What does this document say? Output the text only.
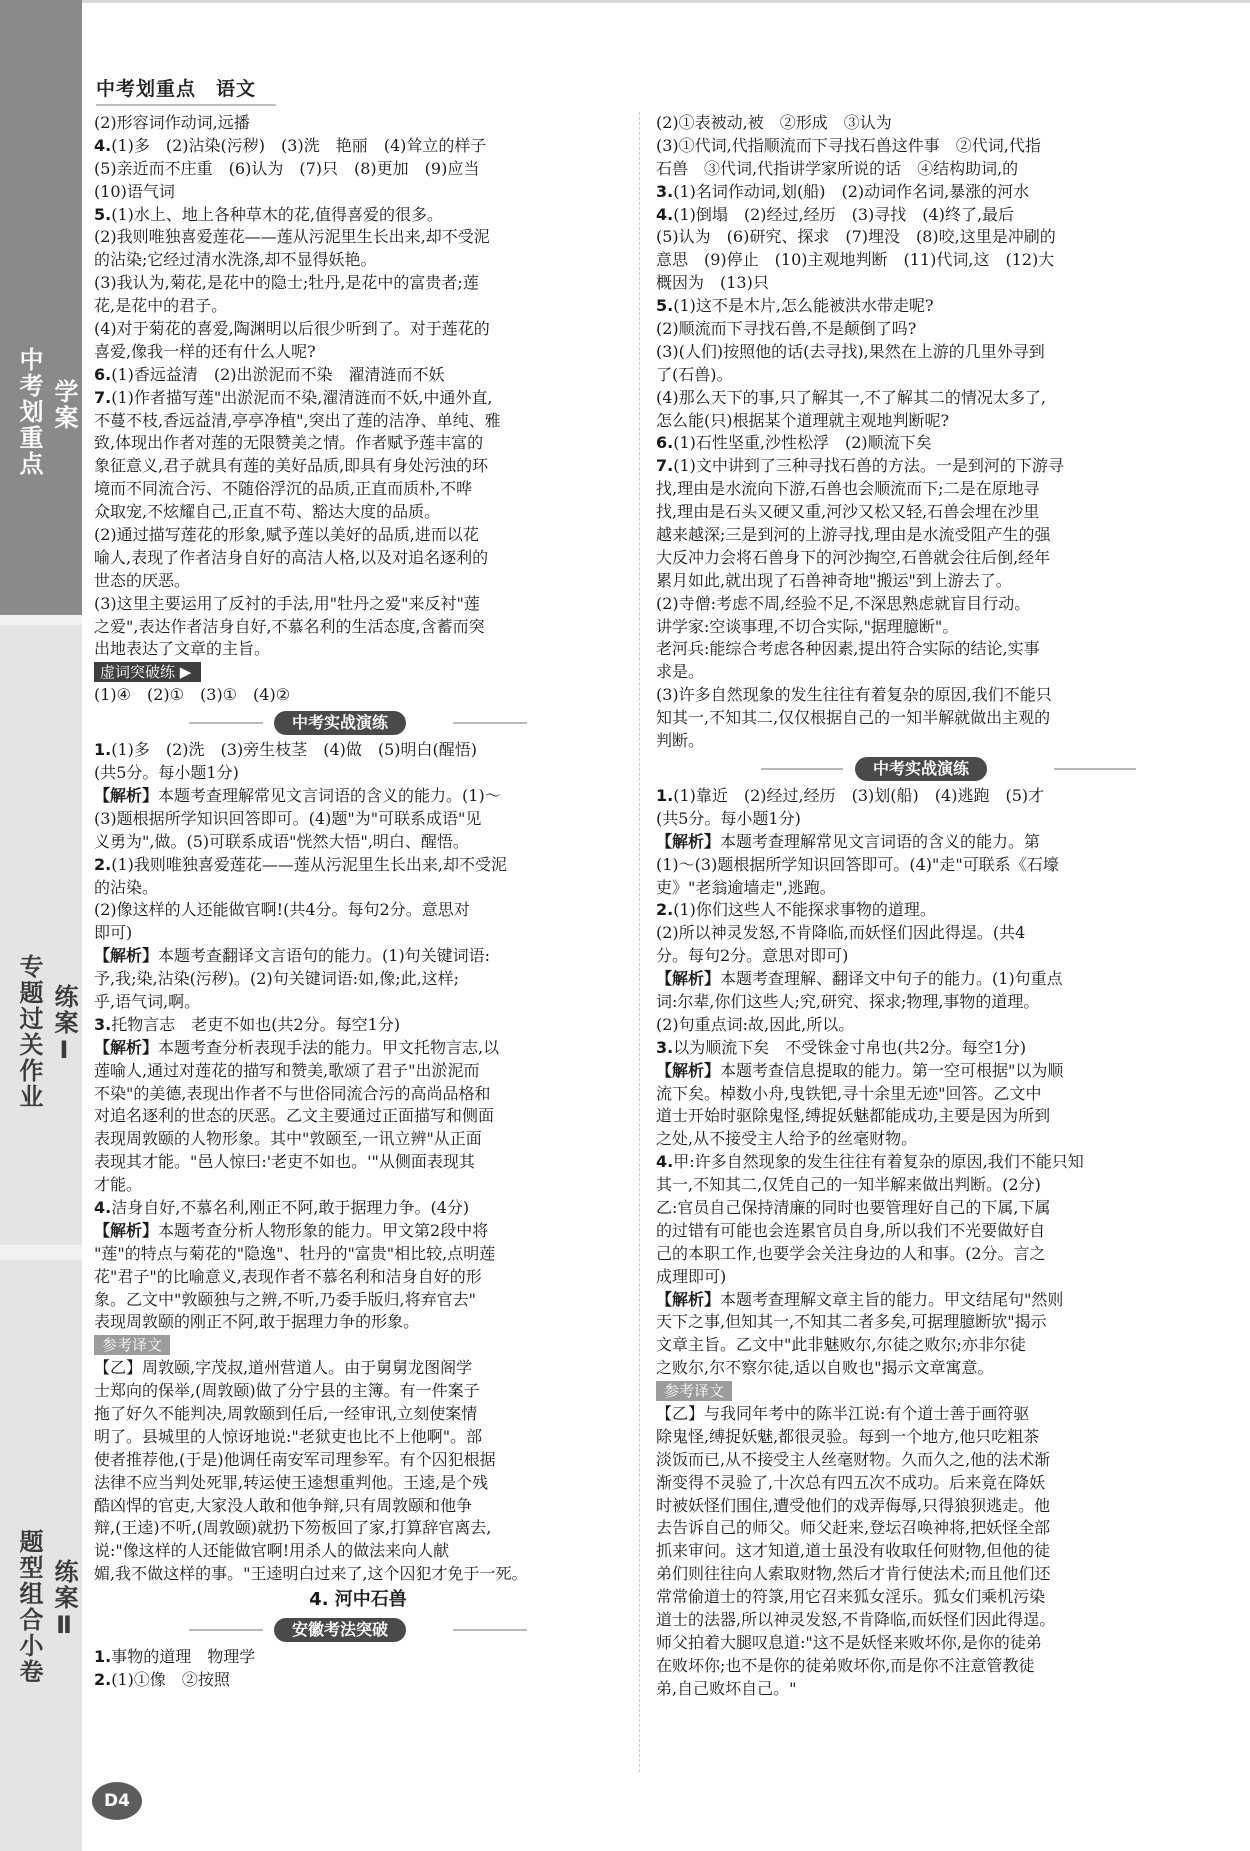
学案
中考划重点
练案Ⅰ
专题过关作业
练案Ⅱ
题型组合小卷
中考划重点　语文
(2)形容词作动词,远播
4.(1)多　(2)沾染(污秽)　(3)洗　艳丽　(4)耸立的样子
(5)亲近而不庄重　(6)认为　(7)只　(8)更加　(9)应当
(10)语气词
5.(1)水上、地上各种草木的花,值得喜爱的很多。
(2)我则唯独喜爱莲花——莲从污泥里生长出来,却不受泥
的沾染;它经过清水洗涤,却不显得妖艳。
(3)我认为,菊花,是花中的隐士;牡丹,是花中的富贵者;莲
花,是花中的君子。
(4)对于菊花的喜爱,陶渊明以后很少听到了。对于莲花的
喜爱,像我一样的还有什么人呢?
6.(1)香远益清　(2)出淤泥而不染　濯清涟而不妖
7.(1)作者描写莲"出淤泥而不染,濯清涟而不妖,中通外直,
不蔓不枝,香远益清,亭亭净植",突出了莲的洁净、单纯、雅
致,体现出作者对莲的无限赞美之情。作者赋予莲丰富的
象征意义,君子就具有莲的美好品质,即具有身处污浊的环
境而不同流合污、不随俗浮沉的品质,正直而质朴,不哗
众取宠,不炫耀自己,正直不苟、豁达大度的品质。
(2)通过描写莲花的形象,赋予莲以美好的品质,进而以花
喻人,表现了作者洁身自好的高洁人格,以及对追名逐利的
世态的厌恶。
(3)这里主要运用了反衬的手法,用"牡丹之爱"来反衬"莲
之爱",表达作者洁身自好,不慕名利的生活态度,含蓄而突
出地表达了文章的主旨。
虚词突破练 ▶
(1)④　(2)①　(3)①　(4)②
中考实战演练
1.(1)多　(2)洗　(3)旁生枝茎　(4)做　(5)明白(醒悟)
(共5分。每小题1分)
【解析】本题考查理解常见文言词语的含义的能力。(1)～
(3)题根据所学知识回答即可。(4)题"为"可联系成语"见
义勇为",做。(5)可联系成语"恍然大悟",明白、醒悟。
2.(1)我则唯独喜爱莲花——莲从污泥里生长出来,却不受泥
的沾染。
(2)像这样的人还能做官啊!(共4分。每句2分。意思对
即可)
【解析】本题考查翻译文言语句的能力。(1)句关键词语:
予,我;染,沾染(污秽)。(2)句关键词语:如,像;此,这样;
乎,语气词,啊。
3.托物言志　老吏不如也(共2分。每空1分)
【解析】本题考查分析表现手法的能力。甲文托物言志,以
莲喻人,通过对莲花的描写和赞美,歌颂了君子"出淤泥而
不染"的美德,表现出作者不与世俗同流合污的高尚品格和
对追名逐利的世态的厌恶。乙文主要通过正面描写和侧面
表现周敦颐的人物形象。其中"敦颐至,一讯立辨"从正面
表现其才能。"邑人惊曰:'老吏不如也。'"从侧面表现其
才能。
4.洁身自好,不慕名利,刚正不阿,敢于据理力争。(4分)
【解析】本题考查分析人物形象的能力。甲文第2段中将
"莲"的特点与菊花的"隐逸"、牡丹的"富贵"相比较,点明莲
花"君子"的比喻意义,表现作者不慕名利和洁身自好的形
象。乙文中"敦颐独与之辨,不听,乃委手版归,将弃官去"
表现周敦颐的刚正不阿,敢于据理力争的形象。
参考译文
【乙】周敦颐,字茂叔,道州营道人。由于舅舅龙图阁学
士郑向的保举,(周敦颐)做了分宁县的主簿。有一件案子
拖了好久不能判决,周敦颐到任后,一经审讯,立刻使案情
明了。县城里的人惊讶地说:"老狱吏也比不上他啊"。部
使者推荐他,(于是)他调任南安军司理参军。有个囚犯根据
法律不应当判处死罪,转运使王逵想重判他。王逵,是个残
酷凶悍的官吏,大家没人敢和他争辩,只有周敦颐和他争
辩,(王逵)不听,(周敦颐)就扔下笏板回了家,打算辞官离去,
说:"像这样的人还能做官啊!用杀人的做法来向人献
媚,我不做这样的事。"王逵明白过来了,这个囚犯才免于一死。
4. 河中石兽
安徽考法突破
1.事物的道理　物理学
2.(1)①像　②按照
(2)①表被动,被　②形成　③认为
(3)①代词,代指顺流而下寻找石兽这件事　②代词,代指
石兽　③代词,代指讲学家所说的话　④结构助词,的
3.(1)名词作动词,划(船)　(2)动词作名词,暴涨的河水
4.(1)倒塌　(2)经过,经历　(3)寻找　(4)终了,最后
(5)认为　(6)研究、探求　(7)埋没　(8)咬,这里是冲刷的
意思　(9)停止　(10)主观地判断　(11)代词,这　(12)大
概因为　(13)只
5.(1)这不是木片,怎么能被洪水带走呢?
(2)顺流而下寻找石兽,不是颠倒了吗?
(3)(人们)按照他的话(去寻找),果然在上游的几里外寻到
了(石兽)。
(4)那么天下的事,只了解其一,不了解其二的情况太多了,
怎么能(只)根据某个道理就主观地判断呢?
6.(1)石性坚重,沙性松浮　(2)顺流下矣
7.(1)文中讲到了三种寻找石兽的方法。一是到河的下游寻
找,理由是水流向下游,石兽也会顺流而下;二是在原地寻
找,理由是石头又硬又重,河沙又松又轻,石兽会埋在沙里
越来越深;三是到河的上游寻找,理由是水流受阻产生的强
大反冲力会将石兽身下的河沙掏空,石兽就会往后倒,经年
累月如此,就出现了石兽神奇地"搬运"到上游去了。
(2)寺僧:考虑不周,经验不足,不深思熟虑就盲目行动。
讲学家:空谈事理,不切合实际,"据理臆断"。
老河兵:能综合考虑各种因素,提出符合实际的结论,实事
求是。
(3)许多自然现象的发生往往有着复杂的原因,我们不能只
知其一,不知其二,仅仅根据自己的一知半解就做出主观的
判断。
中考实战演练
1.(1)靠近　(2)经过,经历　(3)划(船)　(4)逃跑　(5)才
(共5分。每小题1分)
【解析】本题考查理解常见文言词语的含义的能力。第
(1)～(3)题根据所学知识回答即可。(4)"走"可联系《石壕
吏》"老翁逾墙走",逃跑。
2.(1)你们这些人不能探求事物的道理。
(2)所以神灵发怒,不肯降临,而妖怪们因此得逞。(共4
分。每句2分。意思对即可)
【解析】本题考查理解、翻译文中句子的能力。(1)句重点
词:尔辈,你们这些人;究,研究、探求;物理,事物的道理。
(2)句重点词:故,因此,所以。
3.以为顺流下矣　不受铢金寸帛也(共2分。每空1分)
【解析】本题考查信息提取的能力。第一空可根据"以为顺
流下矣。棹数小舟,曳铁钯,寻十余里无迹"回答。乙文中
道士开始时驱除鬼怪,缚捉妖魅都能成功,主要是因为所到
之处,从不接受主人给予的丝毫财物。
4.甲:许多自然现象的发生往往有着复杂的原因,我们不能只知
其一,不知其二,仅凭自己的一知半解来做出判断。(2分)
乙:官员自己保持清廉的同时也要管理好自己的下属,下属
的过错有可能也会连累官员自身,所以我们不光要做好自
己的本职工作,也要学会关注身边的人和事。(2分。言之
成理即可)
【解析】本题考查理解文章主旨的能力。甲文结尾句"然则
天下之事,但知其一,不知其二者多矣,可据理臆断欤"揭示
文章主旨。乙文中"此非魅败尔,尔徒之败尔;亦非尔徒
之败尔,尔不察尔徒,适以自败也"揭示文章寓意。
参考译文
【乙】与我同年考中的陈半江说:有个道士善于画符驱
除鬼怪,缚捉妖魅,都很灵验。每到一个地方,他只吃粗茶
淡饭而已,从不接受主人丝毫财物。久而久之,他的法术渐
渐变得不灵验了,十次总有四五次不成功。后来竟在降妖
时被妖怪们围住,遭受他们的戏弄侮辱,只得狼狈逃走。他
去告诉自己的师父。师父赶来,登坛召唤神将,把妖怪全部
抓来审问。这才知道,道士虽没有收取任何财物,但他的徒
弟们则往往向人索取财物,然后才肯行使法术;而且他们还
常常偷道士的符箓,用它召来狐女淫乐。狐女们乘机污染
道士的法器,所以神灵发怒,不肯降临,而妖怪们因此得逞。
师父拍着大腿叹息道:"这不是妖怪来败坏你,是你的徒弟
在败坏你;也不是你的徒弟败坏你,而是你不注意管教徒
弟,自己败坏自己。"
D4
